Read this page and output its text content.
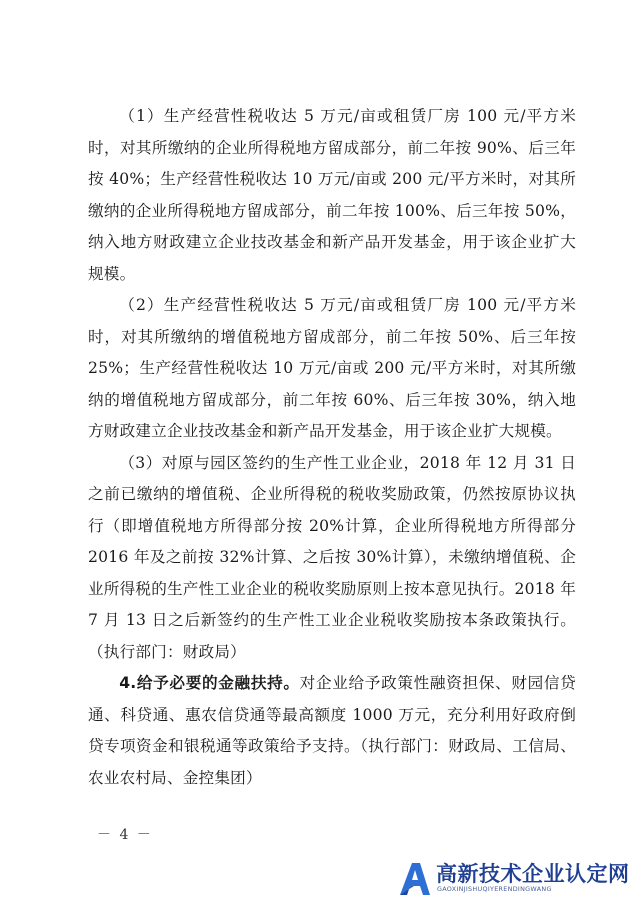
（1）生产经营性税收达 5 万元/亩或租赁厂房 100 元/平方米时，对其所缴纳的企业所得税地方留成部分，前二年按 90%、后三年按 40%；生产经营性税收达 10 万元/亩或 200 元/平方米时，对其所缴纳的企业所得税地方留成部分，前二年按 100%、后三年按 50%，纳入地方财政建立企业技改基金和新产品开发基金，用于该企业扩大规模。

（2）生产经营性税收达 5 万元/亩或租赁厂房 100 元/平方米时，对其所缴纳的增值税地方留成部分，前二年按 50%、后三年按 25%；生产经营性税收达 10 万元/亩或 200 元/平方米时，对其所缴纳的增值税地方留成部分，前二年按 60%、后三年按 30%，纳入地方财政建立企业技改基金和新产品开发基金，用于该企业扩大规模。

（3）对原与园区签约的生产性工业企业，2018 年 12 月 31 日之前已缴纳的增值税、企业所得税的税收奖励政策，仍然按原协议执行（即增值税地方所得部分按 20%计算，企业所得税地方所得部分 2016 年及之前按 32%计算、之后按 30%计算），未缴纳增值税、企业所得税的生产性工业企业的税收奖励原则上按本意见执行。2018 年 7 月 13 日之后新签约的生产性工业企业税收奖励按本条政策执行。（执行部门：财政局）

4.给予必要的金融扶持。对企业给予政策性融资担保、财园信贷通、科贷通、惠农信贷通等最高额度 1000 万元，充分利用好政府倒贷专项资金和银税通等政策给予支持。（执行部门：财政局、工信局、农业农村局、金控集团）

－ 4 －
高新技术企业认定网
GAOXINJISHUQIYERENDINGWANG
